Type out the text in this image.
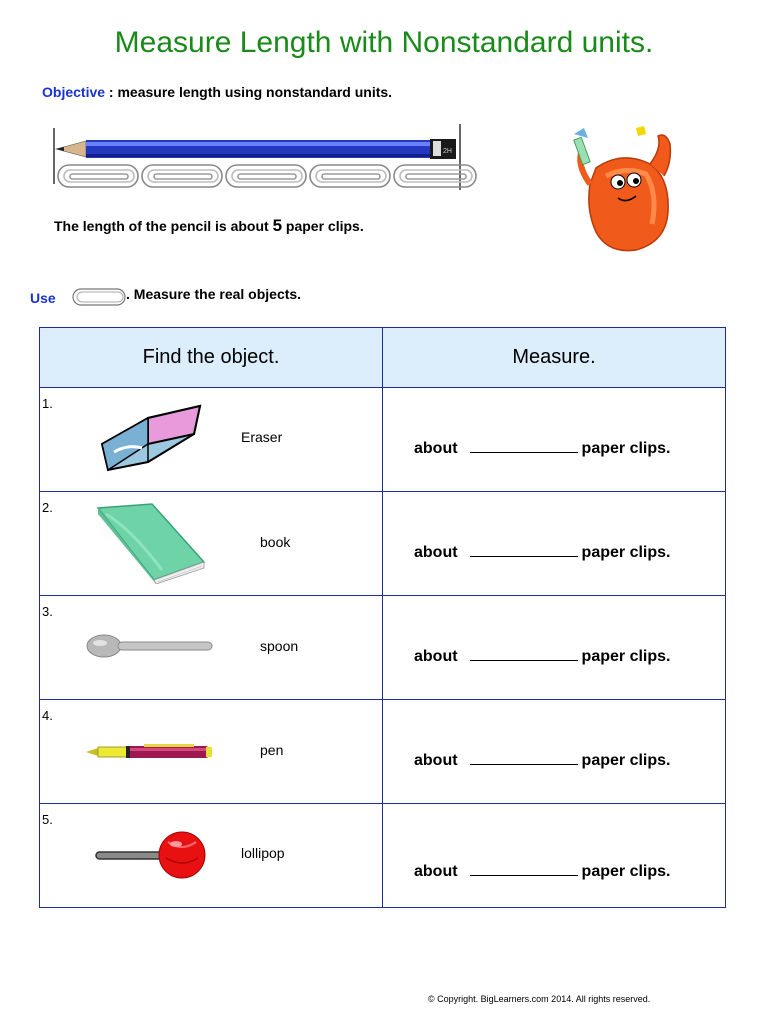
Measure Length with Nonstandard units.
Objective : measure length using nonstandard units.
2H
The length of the pencil is about 5 paper clips.
Use	. Measure the real objects.
Find the object.	Measure.

1.
Eraser	about paper clips.

2.
book	about paper clips.

3.
spoon	about paper clips.

4.
pen	about paper clips.

5.
lollipop	about paper clips.
© Copyright. BigLearners.com 2014. All rights reserved.
